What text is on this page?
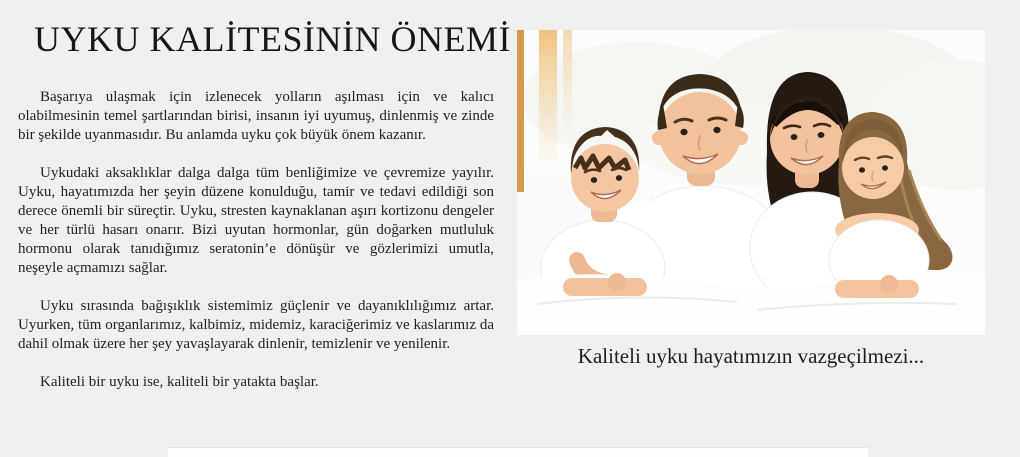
UYKU KALİTESİNİN ÖNEMİ

Başarıya ulaşmak için izlenecek yolların aşılması için ve kalıcı olabilmesinin temel şartlarından birisi, insanın iyi uyumuş, dinlenmiş ve zinde bir şekilde uyanmasıdır. Bu anlamda uyku çok büyük önem kazanır.

Uykudaki aksaklıklar dalga dalga tüm benliğimize ve çevremize yayılır. Uyku, hayatımızda her şeyin düzene konulduğu, tamir ve tedavi edildiği son derece önemli bir süreçtir. Uyku, stresten kaynaklanan aşırı kortizonu dengeler ve her türlü hasarı onarır. Bizi uyutan hormonlar, gün doğarken mutluluk hormonu olarak tanıdığımız seratonin’e dönüşür ve gözlerimizi umutla, neşeyle açmamızı sağlar.

Uyku sırasında bağışıklık sistemimiz güçlenir ve dayanıklılığımız artar. Uyurken, tüm organlarımız, kalbimiz, midemiz, karaciğerimiz ve kaslarımız da dahil olmak üzere her şey yavaşlayarak dinlenir, temizlenir ve yenilenir.

Kaliteli bir uyku ise, kaliteli bir yatakta başlar.

Kaliteli uyku hayatımızın vazgeçilmezi...
